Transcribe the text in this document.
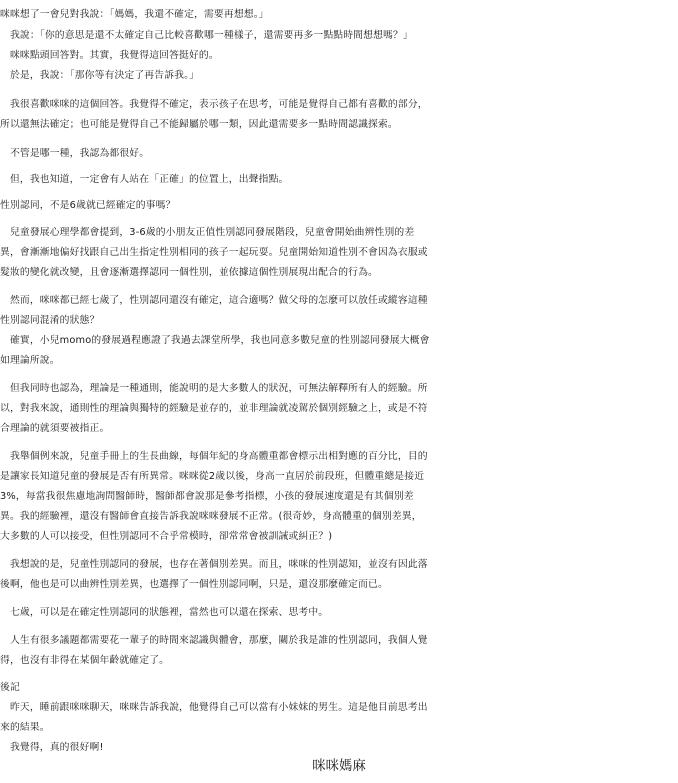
咪咪想了一會兒對我說：「媽媽，我還不確定，需要再想想。」
　我說：「你的意思是還不太確定自己比較喜歡哪一種樣子，還需要再多一點點時間想想嗎？」
　咪咪點頭回答對。其實，我覺得這回答挺好的。
　於是，我說：「那你等有決定了再告訴我。」
　我很喜歡咪咪的這個回答。我覺得不確定，表示孩子在思考，可能是覺得自己都有喜歡的部分，
所以還無法確定；也可能是覺得自己不能歸屬於哪一類，因此還需要多一點時間認識探索。
　不管是哪一種，我認為都很好。
　但，我也知道，一定會有人站在「正確」的位置上，出聲指點。
性別認同，不是6歲就已經確定的事嗎？
　兒童發展心理學都會提到，3-6歲的小朋友正值性別認同發展階段，兒童會開始曲辨性別的差
異，會漸漸地偏好找跟自己出生指定性別相同的孩子一起玩耍。兒童開始知道性別不會因為衣服或
髮妝的變化就改變，且會逐漸選擇認同一個性別，並依據這個性別展現出配合的行為。
　然而，咪咪都已經七歲了，性別認同還沒有確定，這合適嗎？做父母的怎麼可以放任或縱容這種
性別認同混淆的狀態？
　確實，小兒momo的發展過程應證了我過去課堂所學，我也同意多數兒童的性別認同發展大概會
如理論所說。
　但我同時也認為，理論是一種通則，能說明的是大多數人的狀況，可無法解釋所有人的經驗。所
以，對我來說，通則性的理論與獨特的經驗是並存的，並非理論就凌駕於個別經驗之上，或是不符
合理論的就須要被指正。
　我舉個例來說，兒童手冊上的生長曲線，每個年紀的身高體重都會標示出相對應的百分比，目的
是讓家長知道兒童的發展是否有所異常。咪咪從2歲以後，身高一直居於前段班，但體重總是接近
3%，每當我很焦慮地詢問醫師時，醫師都會說那是參考指標，小孩的發展速度還是有其個別差
異。我的經驗裡，還沒有醫師會直接告訴我說咪咪發展不正常。(很奇妙，身高體重的個別差異，
大多數的人可以接受，但性別認同不合乎常模時，卻常常會被訓誡或糾正？)
　我想說的是，兒童性別認同的發展，也存在著個別差異。而且，咪咪的性別認知，並沒有因此落
後啊，他也是可以曲辨性別差異，也選擇了一個性別認同啊，只是，還沒那麼確定而已。
　七歲，可以是在確定性別認同的狀態裡，當然也可以還在探索、思考中。
　人生有很多議題都需要花一輩子的時間來認識與體會，那麼，關於我是誰的性別認同，我個人覺
得，也沒有非得在某個年齡就確定了。
後記
　昨天，睡前跟咪咪聊天，咪咪告訴我說，他覺得自己可以當有小妹妹的男生。這是他目前思考出
來的結果。
　我覺得，真的很好啊!
咪咪媽麻
